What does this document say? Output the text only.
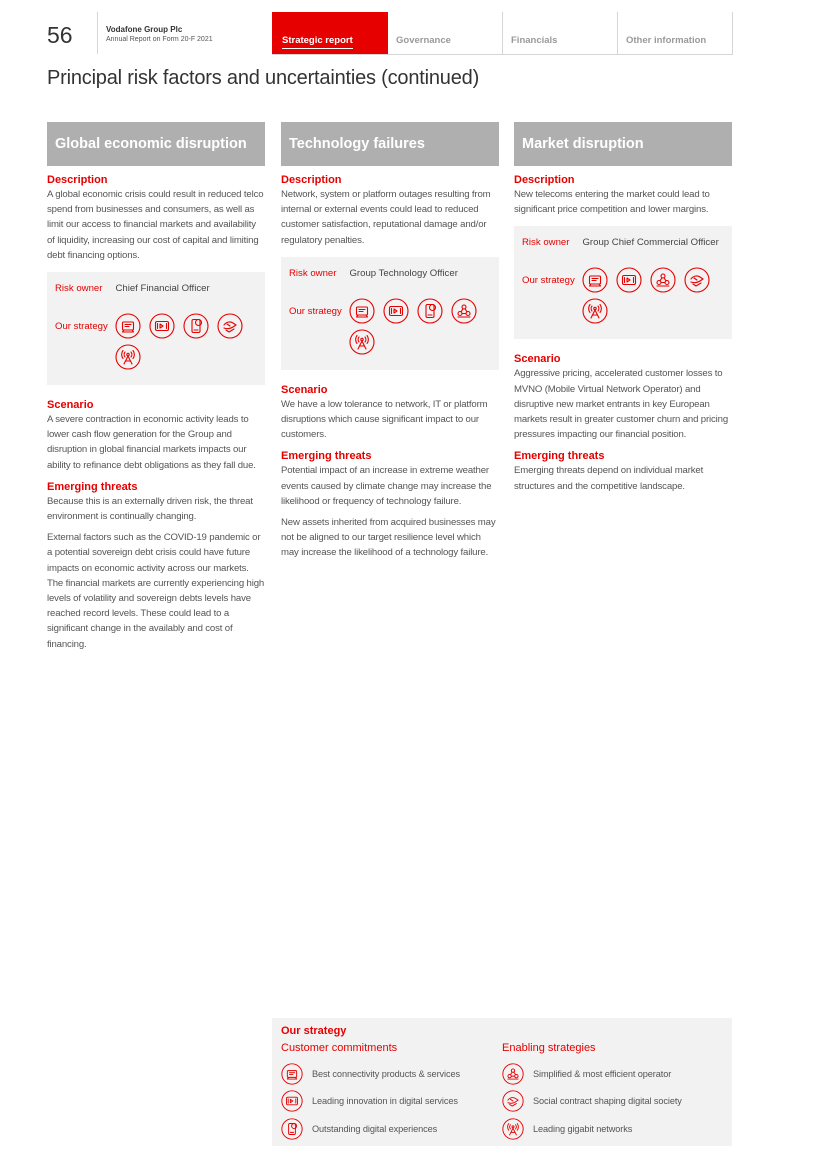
56	Vodafone Group Plc
Annual Report on Form 20-F 2021	Strategic report	Governance	Financials	Other information
Principal risk factors and uncertainties (continued)
Global economic disruption
Description

A global economic crisis could result in reduced telco spend from businesses and consumers, as well as limit our access to financial markets and availability of liquidity, increasing our cost of capital and limiting debt financing options.

Risk owner Chief Financial Officer
Our strategy
Scenario

A severe contraction in economic activity leads to lower cash flow generation for the Group and disruption in global financial markets impacts our ability to refinance debt obligations as they fall due.

Emerging threats

Because this is an externally driven risk, the threat environment is continually changing.

External factors such as the COVID-19 pandemic or a potential sovereign debt crisis could have future impacts on economic activity across our markets. The financial markets are currently experiencing high levels of volatility and sovereign debts levels have reached record levels. These could lead to a significant change in the availably and cost of financing.

Technology failures
Description

Network, system or platform outages resulting from internal or external events could lead to reduced customer satisfaction, reputational damage and/or regulatory penalties.

Risk owner Group Technology Officer
Our strategy
Scenario

We have a low tolerance to network, IT or platform disruptions which cause significant impact to our customers.

Emerging threats

Potential impact of an increase in extreme weather events caused by climate change may increase the likelihood or frequency of technology failure.

New assets inherited from acquired businesses may not be aligned to our target resilience level which may increase the likelihood of a technology failure.

Market disruption
Description

New telecoms entering the market could lead to significant price competition and lower margins.

Risk owner Group Chief Commercial Officer
Our strategy
Scenario

Aggressive pricing, accelerated customer losses to MVNO (Mobile Virtual Network Operator) and disruptive new market entrants in key European markets result in greater customer churn and pricing pressures impacting our financial position.

Emerging threats

Emerging threats depend on individual market structures and the competitive landscape.

Our strategy
Customer commitments
Best connectivity products & services
Leading innovation in digital services
Outstanding digital experiences
Enabling strategies
Simplified & most efficient operator
Social contract shaping digital society
Leading gigabit networks
